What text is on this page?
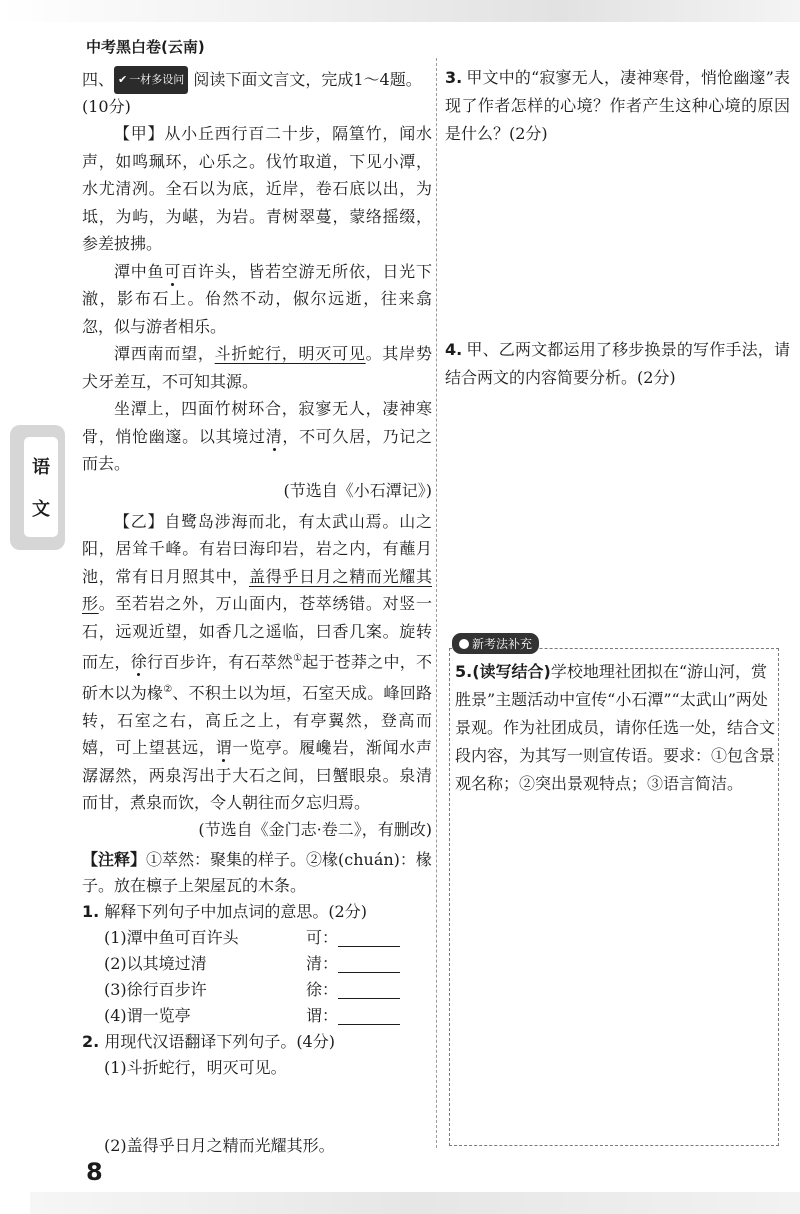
中考黑白卷(云南)
语
文
四、 ✔ 一材多设问 阅读下面文言文，完成1～4题。
(10分)

【甲】从小丘西行百二十步，隔篁竹，闻水声，如鸣珮环，心乐之。伐竹取道，下见小潭，水尤清冽。全石以为底，近岸，卷石底以出，为坻，为屿，为嵁，为岩。青树翠蔓，蒙络摇缀，参差披拂。

潭中鱼可百许头，皆若空游无所依，日光下澈，影布石上。佁然不动，俶尔远逝，往来翕忽，似与游者相乐。

潭西南而望，斗折蛇行，明灭可见。其岸势犬牙差互，不可知其源。

坐潭上，四面竹树环合，寂寥无人，凄神寒骨，悄怆幽邃。以其境过清，不可久居，乃记之而去。

(节选自《小石潭记》)

【乙】自鹭岛涉海而北，有太武山焉。山之阳，居耸千峰。有岩曰海印岩，岩之内，有蘸月池，常有日月照其中，盖得乎日月之精而光耀其形。至若岩之外，万山面内，苍萃绣错。对竖一石，远观近望，如香几之遥临，曰香几案。旋转而左，徐行百步许，有石萃然①起于苍莽之中，不斫木以为椽②、不积土以为垣，石室天成。峰回路转，石室之右，高丘之上，有亭翼然，登高而嬉，可上望甚远，谓一览亭。履巉岩，渐闻水声潺潺然，两泉泻出于大石之间，曰蟹眼泉。泉清而甘，煮泉而饮，令人朝往而夕忘归焉。

(节选自《金门志·卷二》，有删改)

【注释】①萃然：聚集的样子。②椽(chuán)：椽子。放在檩子上架屋瓦的木条。

1. 解释下列句子中加点词的意思。(2分)

(1)潭中鱼可百许头	可：
(2)以其境过清	清：
(3)徐行百步许	徐：
(4)谓一览亭	谓：

2. 用现代汉语翻译下列句子。(4分)

(1)斗折蛇行，明灭可见。

(2)盖得乎日月之精而光耀其形。

3. 甲文中的“寂寥无人，凄神寒骨，悄怆幽邃”表现了作者怎样的心境？作者产生这种心境的原因是什么？(2分)

4. 甲、乙两文都运用了移步换景的写作手法，请结合两文的内容简要分析。(2分)

新考法补充

5.(读写结合)学校地理社团拟在“游山河，赏胜景”主题活动中宣传“小石潭”“太武山”两处景观。作为社团成员，请你任选一处，结合文段内容，为其写一则宣传语。要求：①包含景观名称；②突出景观特点；③语言简洁。

8
